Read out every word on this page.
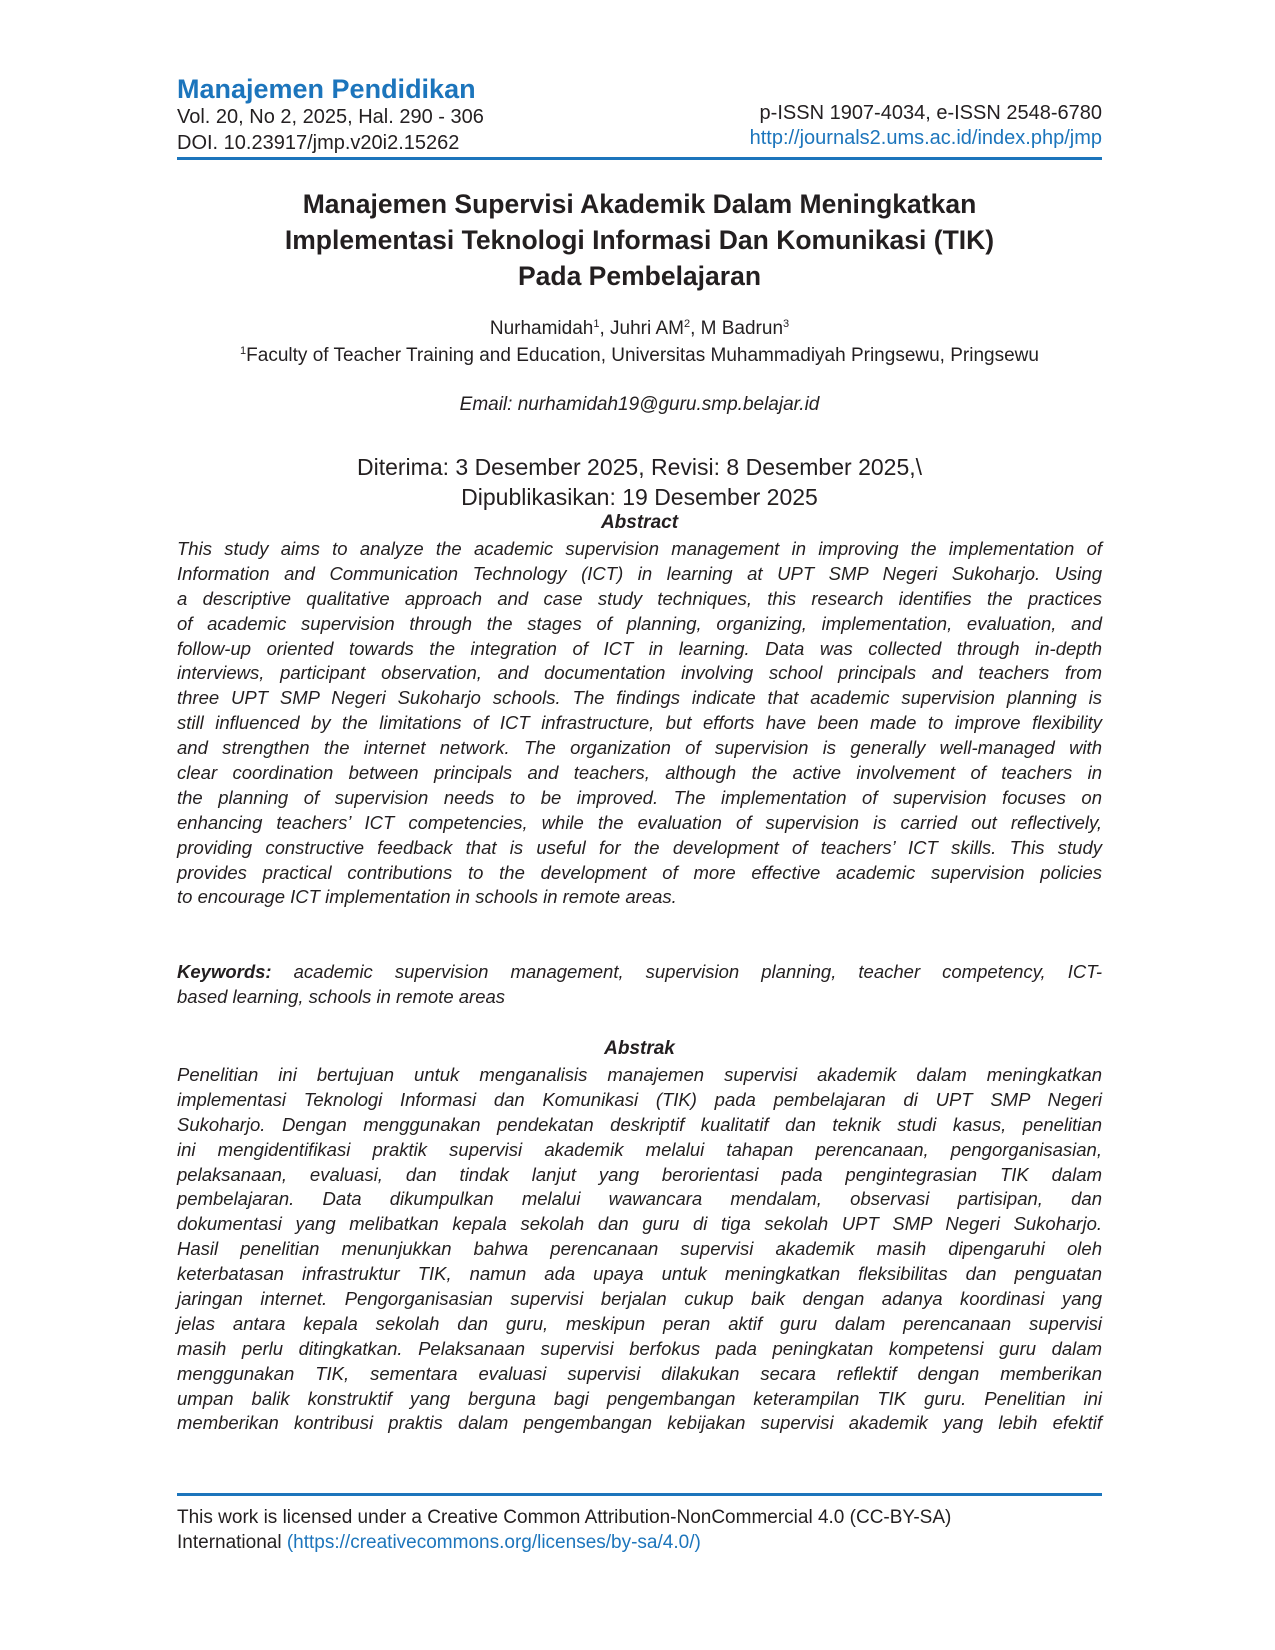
Manajemen Pendidikan
Vol. 20, No 2, 2025, Hal. 290 - 306
DOI. 10.23917/jmp.v20i2.15262
p-ISSN 1907-4034, e-ISSN 2548-6780
http://journals2.ums.ac.id/index.php/jmp
Manajemen Supervisi Akademik Dalam Meningkatkan
Implementasi Teknologi Informasi Dan Komunikasi (TIK)
Pada Pembelajaran
Nurhamidah$^1$, Juhri $AM^2$, M Badrun$^3$
$^1$Faculty of Teacher Training and Education, Universitas Muhammadiyah Pringsewu, Pringsewu
Email: nurhamidah19@guru.smp.belajar.id
Diterima: 3 Desember 2025, Revisi: 8 Desember 2025,\
Dipublikasikan: 19 Desember 2025
Abstract
This study aims to analyze the academic supervision management in improving the implementation of
Information and Communication Technology (ICT) in learning at UPT SMP Negeri Sukoharjo. Using
a descriptive qualitative approach and case study techniques, this research identifies the practices
of academic supervision through the stages of planning, organizing, implementation, evaluation, and
follow-up oriented towards the integration of ICT in learning. Data was collected through in-depth
interviews, participant observation, and documentation involving school principals and teachers from
three UPT SMP Negeri Sukoharjo schools. The findings indicate that academic supervision planning is
still influenced by the limitations of ICT infrastructure, but efforts have been made to improve flexibility
and strengthen the internet network. The organization of supervision is generally well-managed with
clear coordination between principals and teachers, although the active involvement of teachers in
the planning of supervision needs to be improved. The implementation of supervision focuses on
enhancing teachers’ ICT competencies, while the evaluation of supervision is carried out reflectively,
providing constructive feedback that is useful for the development of teachers’ ICT skills. This study
provides practical contributions to the development of more effective academic supervision policies
to encourage ICT implementation in schools in remote areas.
Keywords: academic supervision management, supervision planning, teacher competency, ICT-
based learning, schools in remote areas
Abstrak
Penelitian ini bertujuan untuk menganalisis manajemen supervisi akademik dalam meningkatkan
implementasi Teknologi Informasi dan Komunikasi (TIK) pada pembelajaran di UPT SMP Negeri
Sukoharjo. Dengan menggunakan pendekatan deskriptif kualitatif dan teknik studi kasus, penelitian
ini mengidentifikasi praktik supervisi akademik melalui tahapan perencanaan, pengorganisasian,
pelaksanaan, evaluasi, dan tindak lanjut yang berorientasi pada pengintegrasian TIK dalam
pembelajaran. Data dikumpulkan melalui wawancara mendalam, observasi partisipan, dan
dokumentasi yang melibatkan kepala sekolah dan guru di tiga sekolah UPT SMP Negeri Sukoharjo.
Hasil penelitian menunjukkan bahwa perencanaan supervisi akademik masih dipengaruhi oleh
keterbatasan infrastruktur TIK, namun ada upaya untuk meningkatkan fleksibilitas dan penguatan
jaringan internet. Pengorganisasian supervisi berjalan cukup baik dengan adanya koordinasi yang
jelas antara kepala sekolah dan guru, meskipun peran aktif guru dalam perencanaan supervisi
masih perlu ditingkatkan. Pelaksanaan supervisi berfokus pada peningkatan kompetensi guru dalam
menggunakan TIK, sementara evaluasi supervisi dilakukan secara reflektif dengan memberikan
umpan balik konstruktif yang berguna bagi pengembangan keterampilan TIK guru. Penelitian ini
memberikan kontribusi praktis dalam pengembangan kebijakan supervisi akademik yang lebih efektif
This work is licensed under a Creative Common Attribution-NonCommercial 4.0 (CC-BY-SA)
International (https://creativecommons.org/licenses/by-sa/4.0/)
